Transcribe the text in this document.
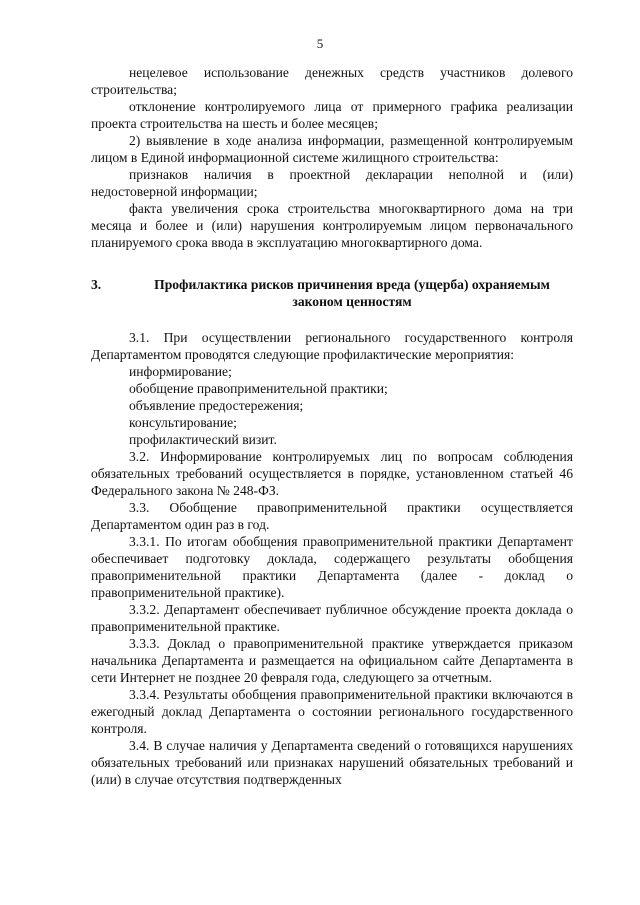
5

нецелевое использование денежных средств участников долевого строительства;

отклонение контролируемого лица от примерного графика реализации проекта строительства на шесть и более месяцев;

2) выявление в ходе анализа информации, размещенной контролируемым лицом в Единой информационной системе жилищного строительства:

признаков наличия в проектной декларации неполной и (или) недостоверной информации;

факта увеличения срока строительства многоквартирного дома на три месяца и более и (или) нарушения контролируемым лицом первоначального планируемого срока ввода в эксплуатацию многоквартирного дома.

3.	Профилактика рисков причинения вреда (ущерба) охраняемым законом ценностям

3.1. При осуществлении регионального государственного контроля Департаментом проводятся следующие профилактические мероприятия:

информирование;

обобщение правоприменительной практики;

объявление предостережения;

консультирование;

профилактический визит.

3.2. Информирование контролируемых лиц по вопросам соблюдения обязательных требований осуществляется в порядке, установленном статьей 46 Федерального закона № 248-ФЗ.

3.3. Обобщение правоприменительной практики осуществляется Департаментом один раз в год.

3.3.1. По итогам обобщения правоприменительной практики Департамент обеспечивает подготовку доклада, содержащего результаты обобщения правоприменительной практики Департамента (далее - доклад о правоприменительной практике).

3.3.2. Департамент обеспечивает публичное обсуждение проекта доклада о правоприменительной практике.

3.3.3. Доклад о правоприменительной практике утверждается приказом начальника Департамента и размещается на официальном сайте Департамента в сети Интернет не позднее 20 февраля года, следующего за отчетным.

3.3.4. Результаты обобщения правоприменительной практики включаются в ежегодный доклад Департамента о состоянии регионального государственного контроля.

3.4. В случае наличия у Департамента сведений о готовящихся нарушениях обязательных требований или признаках нарушений обязательных требований и (или) в случае отсутствия подтвержденных
